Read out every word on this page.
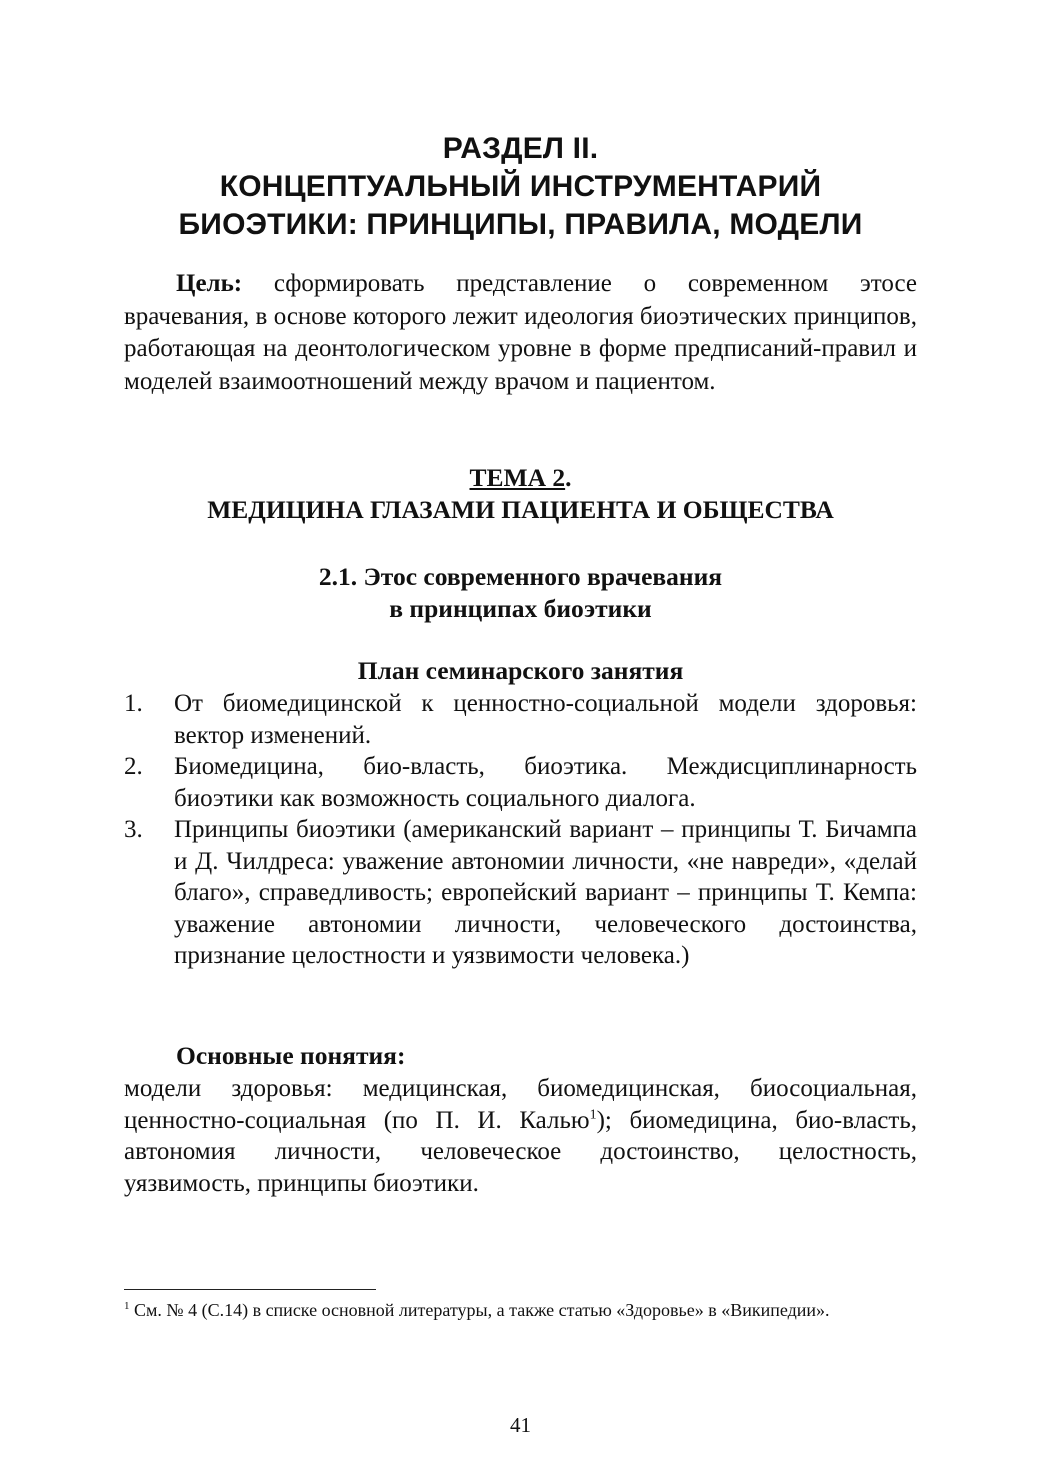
РАЗДЕЛ II.
КОНЦЕПТУАЛЬНЫЙ ИНСТРУМЕНТАРИЙ
БИОЭТИКИ: ПРИНЦИПЫ, ПРАВИЛА, МОДЕЛИ
Цель: сформировать представление о современном этосе врачевания, в основе которого лежит идеология биоэтических принципов, работающая на деонтологическом уровне в форме предписаний-правил и моделей взаимоотношений между врачом и пациентом.
ТЕМА 2.
МЕДИЦИНА ГЛАЗАМИ ПАЦИЕНТА И ОБЩЕСТВА
2.1. Этос современного врачевания
в принципах биоэтики
План семинарского занятия
1. От биомедицинской к ценностно-социальной модели здоровья: вектор изменений.
2. Биомедицина, био-власть, биоэтика. Междисциплинарность биоэтики как возможность социального диалога.
3. Принципы биоэтики (американский вариант – принципы Т. Бичампа и Д. Чилдреса: уважение автономии личности, «не навреди», «делай благо», справедливость; европейский вариант – принципы Т. Кемпа: уважение автономии личности, человеческого достоинства, признание целостности и уязвимости человека.)
Основные понятия:
модели здоровья: медицинская, биомедицинская, биосоциальная, ценностно-социальная (по П. И. Калью$^1$); биомедицина, био-власть, автономия личности, человеческое достоинство, целостность, уязвимость, принципы биоэтики.
$^1$ См. № 4 (С.14) в списке основной литературы, а также статью «Здоровье» в «Википедии».
41
